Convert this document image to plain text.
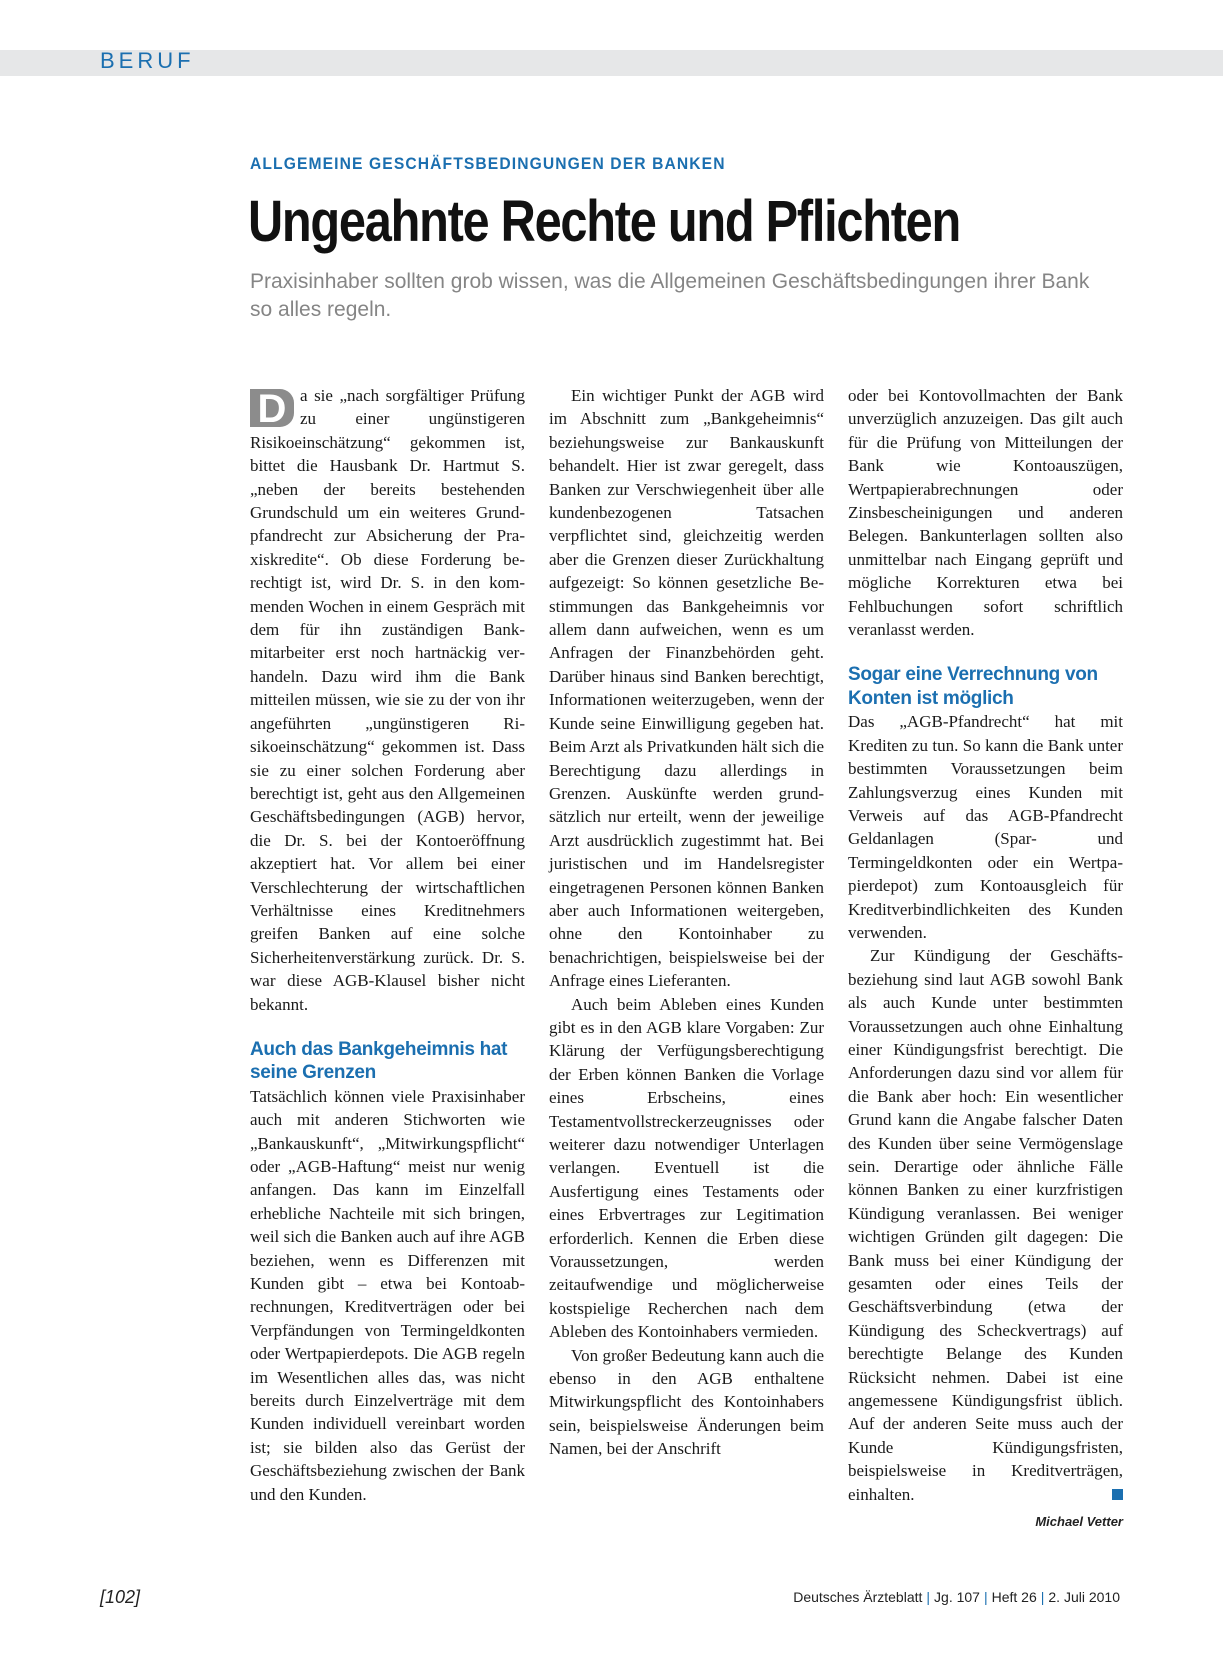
BERUF
ALLGEMEINE GESCHÄFTSBEDINGUNGEN DER BANKEN
Ungeahnte Rechte und Pflichten
Praxisinhaber sollten grob wissen, was die Allgemeinen Geschäftsbedingungen ihrer Bank so alles regeln.

D a sie „nach sorgfältiger Prüfung zu einer ungünstigeren Risikoeinschätzung“ gekommen ist, bittet die Hausbank Dr. Hartmut S. „neben der bereits bestehenden Grundschuld um ein weiteres Grundpfandrecht zur Absicherung der Praxiskredite“. Ob diese Forderung berechtigt ist, wird Dr. S. in den kommenden Wochen in einem Gespräch mit dem für ihn zuständigen Bankmitarbeiter erst noch hartnäckig verhandeln. Dazu wird ihm die Bank mitteilen müssen, wie sie zu der von ihr angeführten „ungünstigeren Risikoeinschätzung“ gekommen ist. Dass sie zu einer solchen Forderung aber berechtigt ist, geht aus den Allgemeinen Geschäftsbedingungen (AGB) hervor, die Dr. S. bei der Kontoeröffnung akzeptiert hat. Vor allem bei einer Verschlechterung der wirtschaftlichen Verhältnisse eines Kreditnehmers greifen Banken auf eine solche Sicherheitenverstärkung zurück. Dr. S. war diese AGB-Klausel bisher nicht bekannt.

Auch das Bankgeheimnis hat seine Grenzen

Tatsächlich können viele Praxisinhaber auch mit anderen Stichworten wie „Bankauskunft“, „Mitwirkungspflicht“ oder „AGB-Haftung“ meist nur wenig anfangen. Das kann im Einzelfall erhebliche Nachteile mit sich bringen, weil sich die Banken auch auf ihre AGB beziehen, wenn es Differenzen mit Kunden gibt – etwa bei Kontoabrechnungen, Kreditverträgen oder bei Verpfändungen von Termingeldkonten oder Wertpapierdepots. Die AGB regeln im Wesentlichen alles das, was nicht bereits durch Einzelverträge mit dem Kunden individuell vereinbart worden ist; sie bilden also das Gerüst der Geschäftsbeziehung zwischen der Bank und den Kunden.

Ein wichtiger Punkt der AGB wird im Abschnitt zum „Bankgeheimnis“ beziehungsweise zur Bankauskunft behandelt. Hier ist zwar geregelt, dass Banken zur Verschwiegenheit über alle kundenbezogenen Tatsachen verpflichtet sind, gleichzeitig werden aber die Grenzen dieser Zurückhaltung aufgezeigt: So können gesetzliche Bestimmungen das Bankgeheimnis vor allem dann aufweichen, wenn es um Anfragen der Finanzbehörden geht. Darüber hinaus sind Banken berechtigt, Informationen weiterzugeben, wenn der Kunde seine Einwilligung gegeben hat. Beim Arzt als Privatkunden hält sich die Berechtigung dazu allerdings in Grenzen. Auskünfte werden grundsätzlich nur erteilt, wenn der jeweilige Arzt ausdrücklich zugestimmt hat. Bei juristischen und im Handelsregister eingetragenen Personen können Banken aber auch Informationen weitergeben, ohne den Kontoinhaber zu benachrichtigen, beispielsweise bei der Anfrage eines Lieferanten.

Auch beim Ableben eines Kunden gibt es in den AGB klare Vorgaben: Zur Klärung der Verfügungsberechtigung der Erben können Banken die Vorlage eines Erbscheins, eines Testamentvollstreckerzeugnisses oder weiterer dazu notwendiger Unterlagen verlangen. Eventuell ist die Ausfertigung eines Testaments oder eines Erbvertrages zur Legitimation erforderlich. Kennen die Erben diese Voraussetzungen, werden zeitaufwendige und möglicherweise kostspielige Recherchen nach dem Ableben des Kontoinhabers vermieden.

Von großer Bedeutung kann auch die ebenso in den AGB enthaltene Mitwirkungspflicht des Kontoinhabers sein, beispielsweise Änderungen beim Namen, bei der Anschrift

oder bei Kontovollmachten der Bank unverzüglich anzuzeigen. Das gilt auch für die Prüfung von Mitteilungen der Bank wie Kontoauszügen, Wertpapierabrechnungen oder Zinsbescheinigungen und anderen Belegen. Bankunterlagen sollten also unmittelbar nach Eingang geprüft und mögliche Korrekturen etwa bei Fehlbuchungen sofort schriftlich veranlasst werden.

Sogar eine Verrechnung von Konten ist möglich

Das „AGB-Pfandrecht“ hat mit Krediten zu tun. So kann die Bank unter bestimmten Voraussetzungen beim Zahlungsverzug eines Kunden mit Verweis auf das AGB-Pfandrecht Geldanlagen (Spar- und Termingeldkonten oder ein Wertpapierdepot) zum Kontoausgleich für Kreditverbindlichkeiten des Kunden verwenden.

Zur Kündigung der Geschäftsbeziehung sind laut AGB sowohl Bank als auch Kunde unter bestimmten Voraussetzungen auch ohne Einhaltung einer Kündigungsfrist berechtigt. Die Anforderungen dazu sind vor allem für die Bank aber hoch: Ein wesentlicher Grund kann die Angabe falscher Daten des Kunden über seine Vermögenslage sein. Derartige oder ähnliche Fälle können Banken zu einer kurzfristigen Kündigung veranlassen. Bei weniger wichtigen Gründen gilt dagegen: Die Bank muss bei einer Kündigung der gesamten oder eines Teils der Geschäftsverbindung (etwa der Kündigung des Scheckvertrags) auf berechtigte Belange des Kunden Rücksicht nehmen. Dabei ist eine angemessene Kündigungsfrist üblich. Auf der anderen Seite muss auch der Kunde Kündigungsfristen, beispielsweise in Kreditverträgen, einhalten.

Michael Vetter
[102]	Deutsches Ärzteblatt | Jg. 107 | Heft 26 | 2. Juli 2010
